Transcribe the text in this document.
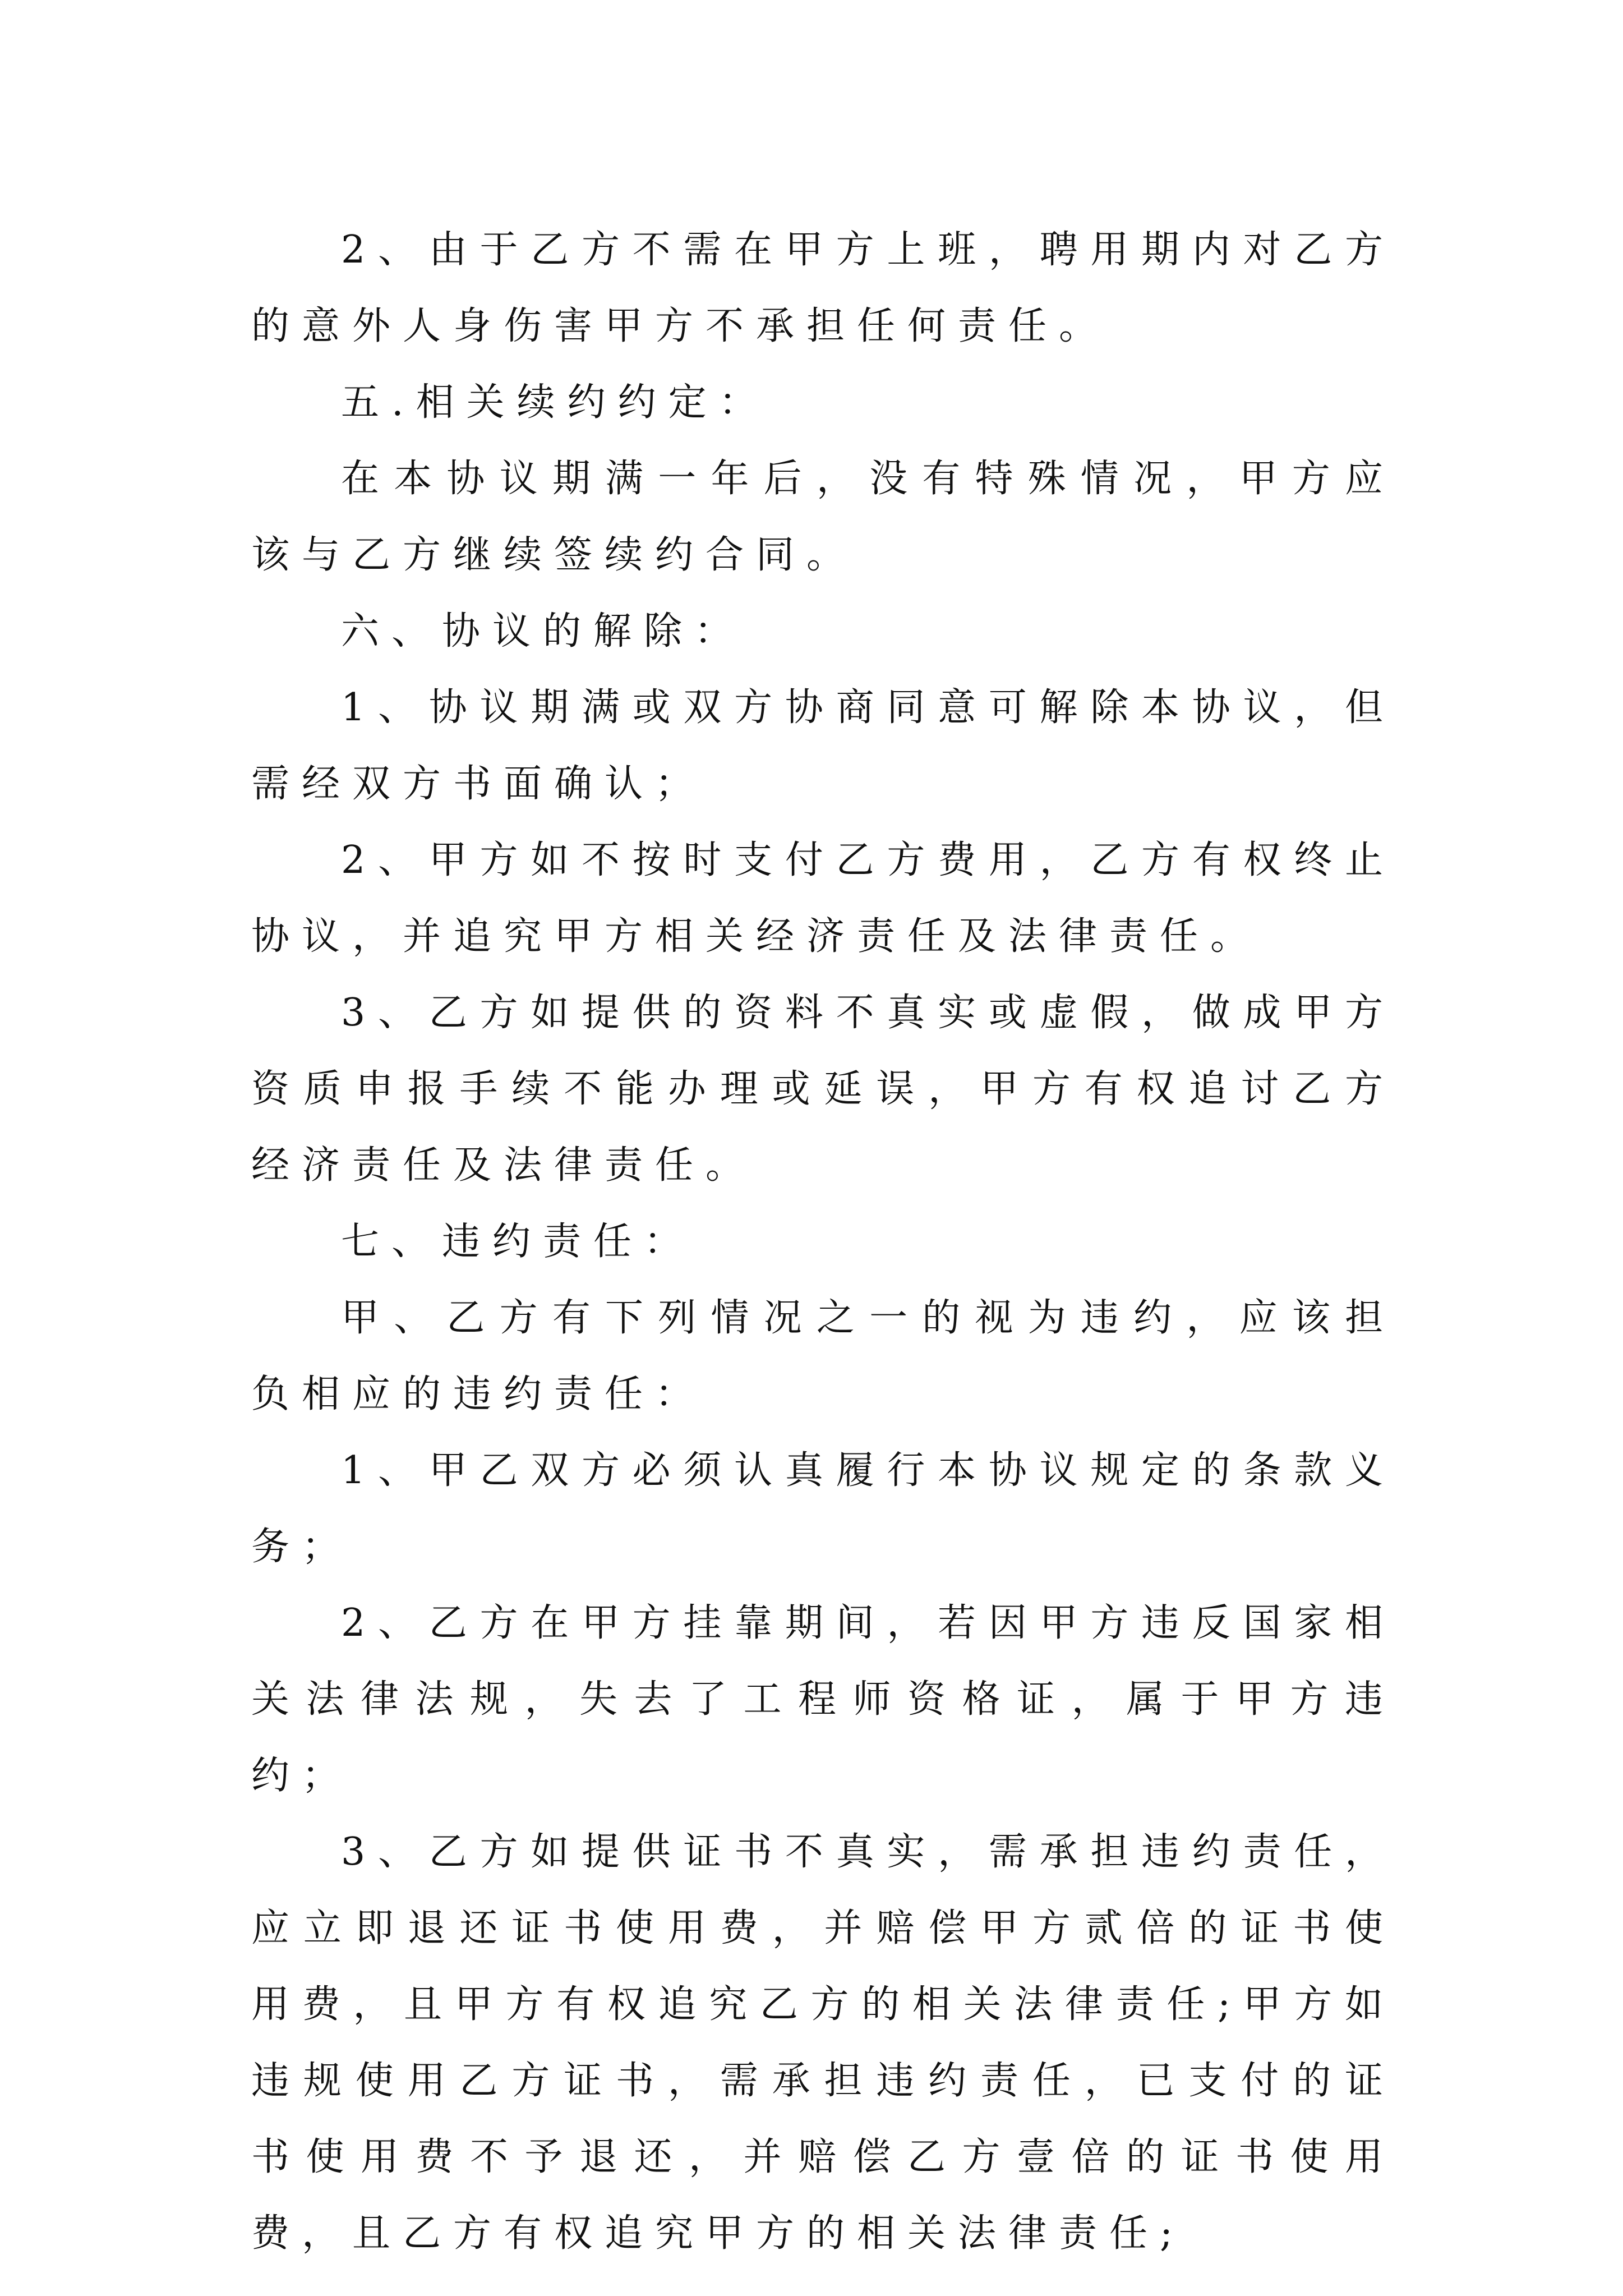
2、由于乙方不需在甲方上班，聘用期内对乙方的意外人身伤害甲方不承担任何责任。

五.相关续约约定：

在本协议期满一年后，没有特殊情况，甲方应该与乙方继续签续约合同。

六、协议的解除：

1、协议期满或双方协商同意可解除本协议，但需经双方书面确认；

2、甲方如不按时支付乙方费用，乙方有权终止协议，并追究甲方相关经济责任及法律责任。

3、乙方如提供的资料不真实或虚假，做成甲方资质申报手续不能办理或延误，甲方有权追讨乙方经济责任及法律责任。

七、违约责任：

甲、乙方有下列情况之一的视为违约，应该担负相应的违约责任：

1、甲乙双方必须认真履行本协议规定的条款义务；

2、乙方在甲方挂靠期间，若因甲方违反国家相关法律法规，失去了工程师资格证，属于甲方违约；

3、乙方如提供证书不真实，需承担违约责任，应立即退还证书使用费，并赔偿甲方贰倍的证书使用费，且甲方有权追究乙方的相关法律责任;甲方如违规使用乙方证书，需承担违约责任，已支付的证书使用费不予退还，并赔偿乙方壹倍的证书使用费，且乙方有权追究甲方的相关法律责任;
